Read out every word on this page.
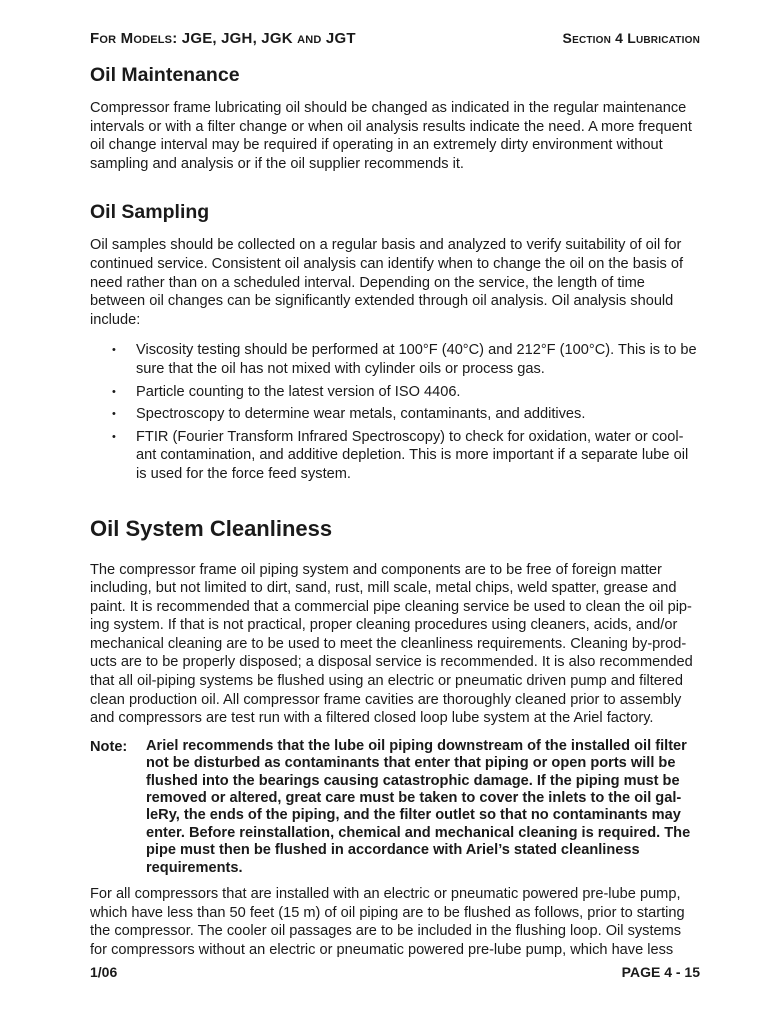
For Models: JGE, JGH, JGK and JGT	Section 4 Lubrication
Oil Maintenance

Compressor frame lubricating oil should be changed as indicated in the regular maintenance
intervals or with a filter change or when oil analysis results indicate the need. A more frequent
oil change interval may be required if operating in an extremely dirty environment without
sampling and analysis or if the oil supplier recommends it.

Oil Sampling

Oil samples should be collected on a regular basis and analyzed to verify suitability of oil for
continued service. Consistent oil analysis can identify when to change the oil on the basis of
need rather than on a scheduled interval. Depending on the service, the length of time
between oil changes can be significantly extended through oil analysis. Oil analysis should
include:

• Viscosity testing should be performed at 100°F (40°C) and 212°F (100°C). This is to be
sure that the oil has not mixed with cylinder oils or process gas.
• Particle counting to the latest version of ISO 4406.
• Spectroscopy to determine wear metals, contaminants, and additives.
• FTIR (Fourier Transform Infrared Spectroscopy) to check for oxidation, water or cool-
ant contamination, and additive depletion. This is more important if a separate lube oil
is used for the force feed system.
Oil System Cleanliness

The compressor frame oil piping system and components are to be free of foreign matter
including, but not limited to dirt, sand, rust, mill scale, metal chips, weld spatter, grease and
paint. It is recommended that a commercial pipe cleaning service be used to clean the oil pip-
ing system. If that is not practical, proper cleaning procedures using cleaners, acids, and/or
mechanical cleaning are to be used to meet the cleanliness requirements. Cleaning by-prod-
ucts are to be properly disposed; a disposal service is recommended. It is also recommended
that all oil-piping systems be flushed using an electric or pneumatic driven pump and filtered
clean production oil. All compressor frame cavities are thoroughly cleaned prior to assembly
and compressors are test run with a filtered closed loop lube system at the Ariel factory.

Note:	Ariel recommends that the lube oil piping downstream of the installed oil filter
not be disturbed as contaminants that enter that piping or open ports will be
flushed into the bearings causing catastrophic damage. If the piping must be
removed or altered, great care must be taken to cover the inlets to the oil gal-
leRy, the ends of the piping, and the filter outlet so that no contaminants may
enter. Before reinstallation, chemical and mechanical cleaning is required. The
pipe must then be flushed in accordance with Ariel’s stated cleanliness
requirements.

For all compressors that are installed with an electric or pneumatic powered pre-lube pump,
which have less than 50 feet (15 m) of oil piping are to be flushed as follows, prior to starting
the compressor. The cooler oil passages are to be included in the flushing loop. Oil systems
for compressors without an electric or pneumatic powered pre-lube pump, which have less

1/06	PAGE 4 - 15
